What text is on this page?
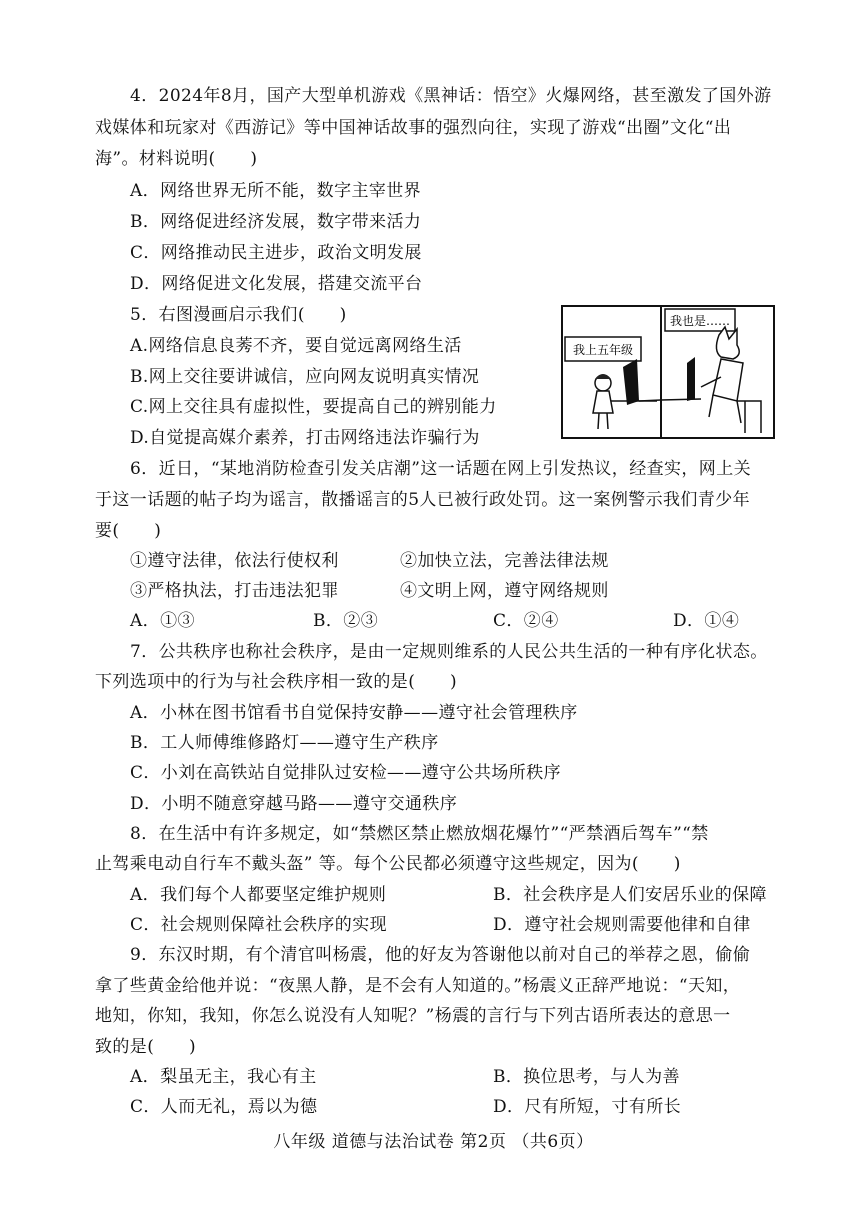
4．2024年8月，国产大型单机游戏《黑神话：悟空》火爆网络，甚至激发了国外游
戏媒体和玩家对《西游记》等中国神话故事的强烈向往，实现了游戏“出圈”文化“出
海”。材料说明(　　)
A．网络世界无所不能，数字主宰世界
B．网络促进经济发展，数字带来活力
C．网络推动民主进步，政治文明发展
D．网络促进文化发展，搭建交流平台
5．右图漫画启示我们(　　)
A.网络信息良莠不齐，要自觉远离网络生活
B.网上交往要讲诚信，应向网友说明真实情况
C.网上交往具有虚拟性，要提高自己的辨别能力
D.自觉提高媒介素养，打击网络违法诈骗行为
我上五年级
我也是……
6．近日，“某地消防检查引发关店潮”这一话题在网上引发热议，经查实，网上关
于这一话题的帖子均为谣言，散播谣言的5人已被行政处罚。这一案例警示我们青少年
要(　　)
①遵守法律，依法行使权利	②加快立法，完善法律法规
③严格执法，打击违法犯罪	④文明上网，遵守网络规则
A．①③	B．②③	C．②④	D．①④
7．公共秩序也称社会秩序，是由一定规则维系的人民公共生活的一种有序化状态。
下列选项中的行为与社会秩序相一致的是(　　)
A．小林在图书馆看书自觉保持安静——遵守社会管理秩序
B．工人师傅维修路灯——遵守生产秩序
C．小刘在高铁站自觉排队过安检——遵守公共场所秩序
D．小明不随意穿越马路——遵守交通秩序
8．在生活中有许多规定，如“禁燃区禁止燃放烟花爆竹”“严禁酒后驾车”“禁
止驾乘电动自行车不戴头盔” 等。每个公民都必须遵守这些规定，因为(　　)
A．我们每个人都要坚定维护规则	B．社会秩序是人们安居乐业的保障
C．社会规则保障社会秩序的实现	D．遵守社会规则需要他律和自律
9．东汉时期，有个清官叫杨震，他的好友为答谢他以前对自己的举荐之恩，偷偷
拿了些黄金给他并说：“夜黑人静，是不会有人知道的。”杨震义正辞严地说：“天知，
地知，你知，我知，你怎么说没有人知呢？”杨震的言行与下列古语所表达的意思一
致的是(　　)
A．梨虽无主，我心有主	B．换位思考，与人为善
C．人而无礼，焉以为德	D．尺有所短，寸有所长
八年级 道德与法治试卷 第2页 （共6页）
